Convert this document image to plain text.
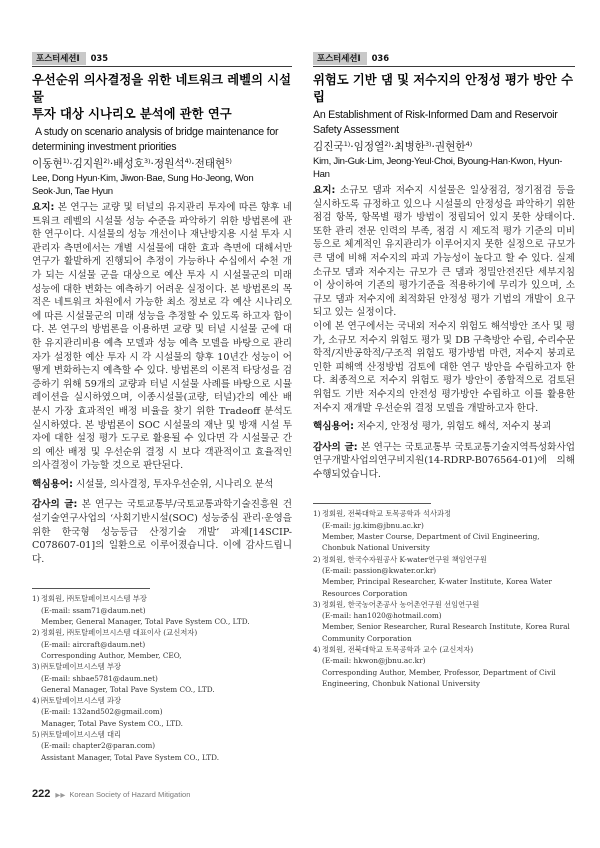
포스터세션Ⅰ	035
우선순위 의사결정을 위한 네트워크 레벨의 시설물
투자 대상 시나리오 분석에 관한 연구
A study on scenario analysis of bridge maintenance for
determining investment priorities
이동현$^{1)}$·김지원$^{2)}$·배성호$^{3)}$·정원석$^{4)}$·전태현$^{5)}$
Lee, Dong Hyun·Kim, Jiwon·Bae, Sung Ho·Jeong, Won Seok·Jun, Tae Hyun

요지: 본 연구는 교량 및 터널의 유지관리 투자에 따른 향후 네트워크 레벨의 시설물 성능 수준을 파악하기 위한 방법론에 관한 연구이다. 시설물의 성능 개선이나 재난방지용 시설 투자 시 관리자 측면에서는 개별 시설물에 대한 효과 측면에 대해서만 연구가 활발하게 진행되어 추정이 가능하나 수십에서 수천 개가 되는 시설물 군을 대상으로 예산 투자 시 시설물군의 미래 성능에 대한 변화는 예측하기 어려운 실정이다. 본 방법론의 목적은 네트워크 차원에서 가능한 최소 정보로 각 예산 시나리오에 따른 시설물군의 미래 성능을 추정할 수 있도록 하고자 함이다. 본 연구의 방법론을 이용하면 교량 및 터널 시설물 군에 대한 유지관리비용 예측 모델과 성능 예측 모델을 바탕으로 관리자가 설정한 예산 투자 시 각 시설물의 향후 10년간 성능이 어떻게 변화하는지 예측할 수 있다. 방법론의 이론적 타당성을 검증하기 위해 59개의 교량과 터널 시설물 사례를 바탕으로 시뮬레이션을 실시하였으며, 이종시설물(교량, 터널)간의 예산 배분시 가장 효과적인 배정 비율을 찾기 위한 Tradeoff 분석도 실시하였다. 본 방법론이 SOC 시설물의 재난 및 방재 시설 투자에 대한 설정 평가 도구로 활용될 수 있다면 각 시설물군 간의 예산 배정 및 우선순위 결정 시 보다 객관적이고 효율적인 의사결정이 가능할 것으로 판단된다.

핵심용어: 시설물, 의사결정, 투자우선순위, 시나리오 분석

감사의 글: 본 연구는 국토교통부/국토교통과학기술진흥원 건설기술연구사업의 ‘사회기반시설(SOC) 성능중심 관리·운영을 위한 한국형 성능등급 산정기술 개발’ 과제[14SCIP-C078607-01]의 일환으로 이루어졌습니다. 이에 감사드립니다.

1) 정회원, ㈜토탈페이브시스템 부장
(E-mail: ssam71@daum.net)
Member, General Manager, Total Pave System CO., LTD.
2) 정회원, ㈜토탈페이브시스템 대표이사 (교신저자)
(E-mail: aircraft@daum.net)
Corresponding Author, Member, CEO,
3) ㈜토탈페이브시스템 부장
(E-mail: shbae5781@daum.net)
General Manager, Total Pave System CO., LTD.
4) ㈜토탈페이브시스템 과장
(E-mail: 132and502@gmail.com)
Manager, Total Pave System CO., LTD.
5) ㈜토탈페이브시스템 대리
(E-mail: chapter2@paran.com)
Assistant Manager, Total Pave System CO., LTD.
포스터세션Ⅰ	036
위험도 기반 댐 및 저수지의 안정성 평가 방안 수립
An Establishment of Risk-Informed Dam and Reservoir
Safety Assessment
김진국$^{1)}$·임정열$^{2)}$·최병한$^{3)}$·권현한$^{4)}$
Kim, Jin-Guk·Lim, Jeong-Yeul·Choi, Byoung-Han·Kwon, Hyun-Han

요지: 소규모 댐과 저수지 시설물은 일상점검, 정기점검 등을 실시하도록 규정하고 있으나 시설물의 안정성을 파악하기 위한 점검 항목, 항목별 평가 방법이 정립되어 있지 못한 상태이다. 또한 관리 전문 인력의 부족, 점검 시 제도적 평가 기준의 미비 등으로 체계적인 유지관리가 이루어지지 못한 실정으로 규모가 큰 댐에 비해 저수지의 파괴 가능성이 높다고 할 수 있다. 실제 소규모 댐과 저수지는 규모가 큰 댐과 정밀안전진단 세부지침이 상이하여 기존의 평가기준을 적용하기에 무리가 있으며, 소규모 댐과 저수지에 최적화된 안정성 평가 기법의 개발이 요구되고 있는 실정이다.

이에 본 연구에서는 국내외 저수지 위험도 해석방안 조사 및 평가, 소규모 저수지 위험도 평가 및 DB 구축방안 수립, 수리수문학적/지반공학적/구조적 위험도 평가방법 마련, 저수지 붕괴로 인한 피해액 산정방법 검토에 대한 연구 방안을 수립하고자 한다. 최종적으로 저수지 위험도 평가 방안이 종합적으로 검토된 위험도 기반 저수지의 안전성 평가방안 수립하고 이를 활용한 저수지 재개발 우선순위 결정 모델을 개발하고자 한다.

핵심용어: 저수지, 안정성 평가, 위험도 해석, 저수지 붕괴

감사의 글: 본 연구는 국토교통부 국토교통기술지역특성화사업 연구개발사업의연구비지원(14-RDRP-B076564-01)에 의해 수행되었습니다.

1) 정회원, 전북대학교 토목공학과 석사과정
(E-mail: jg.kim@jbnu.ac.kr)
Member, Master Course, Department of Civil Engineering, Chonbuk National University
2) 정회원, 한국수자원공사 K-water연구원 책임연구원
(E-mail: passion@kwater.or.kr)
Member, Principal Researcher, K-water Institute, Korea Water Resources Corporation
3) 정회원, 한국농어촌공사 농어촌연구원 선임연구원
(E-mail: han1020@hotmail.com)
Member, Senior Researcher, Rural Research Institute, Korea Rural Community Corporation
4) 정회원, 전북대학교 토목공학과 교수 (교신저자)
(E-mail: hkwon@jbnu.ac.kr)
Corresponding Author, Member, Professor, Department of Civil Engineering, Chonbuk National University
222 ▶▶ Korean Society of Hazard Mitigation
